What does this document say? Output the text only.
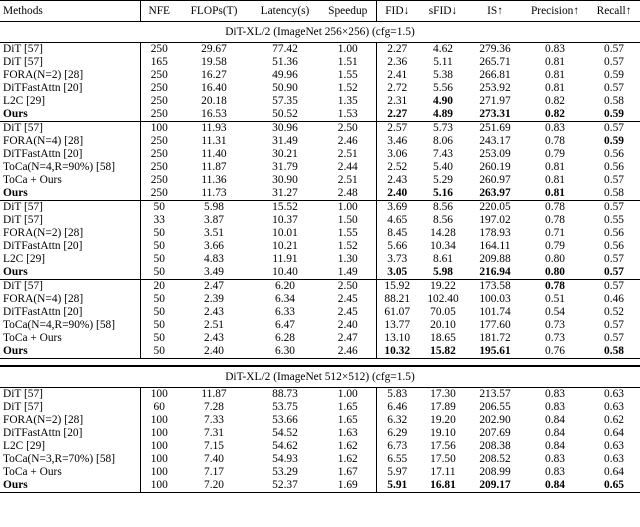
Methods	NFE	FLOPs(T)	Latency(s)	Speedup	FID↓	sFID↓	IS↑	Precision↑	Recall↑
DiT-XL/2 (ImageNet 256×256) (cfg=1.5)									
DiT [57]	250	29.67	77.42	1.00	2.27	4.62	279.36	0.83	0.57
DiT [57]	165	19.58	51.36	1.51	2.36	5.11	265.71	0.81	0.57
FORA(N=2) [28]	250	16.27	49.96	1.55	2.41	5.38	266.81	0.81	0.59
DiTFastAttn [20]	250	16.40	50.90	1.52	2.72	5.56	253.92	0.81	0.57
L2C [29]	250	20.18	57.35	1.35	2.31	4.90	271.97	0.82	0.58
Ours	250	16.53	50.52	1.53	2.27	4.89	273.31	0.82	0.59
DiT [57]	100	11.93	30.96	2.50	2.57	5.73	251.69	0.83	0.57
FORA(N=4) [28]	250	11.31	31.49	2.46	3.46	8.06	243.17	0.78	0.59
DiTFastAttn [20]	250	11.40	30.21	2.51	3.06	7.43	253.09	0.79	0.56
ToCa(N=4,R=90%) [58]	250	11.87	31.79	2.44	2.52	5.40	260.19	0.81	0.56
ToCa + Ours	250	11.36	30.90	2.51	2.43	5.29	260.97	0.81	0.57
Ours	250	11.73	31.27	2.48	2.40	5.16	263.97	0.81	0.58
DiT [57]	50	5.98	15.52	1.00	3.69	8.56	220.05	0.78	0.57
DiT [57]	33	3.87	10.37	1.50	4.65	8.56	197.02	0.78	0.55
FORA(N=2) [28]	50	3.51	10.01	1.55	8.45	14.28	178.93	0.71	0.56
DiTFastAttn [20]	50	3.66	10.21	1.52	5.66	10.34	164.11	0.79	0.56
L2C [29]	50	4.83	11.91	1.30	3.73	8.61	209.88	0.80	0.57
Ours	50	3.49	10.40	1.49	3.05	5.98	216.94	0.80	0.57
DiT [57]	20	2.47	6.20	2.50	15.92	19.22	173.58	0.78	0.57
FORA(N=4) [28]	50	2.39	6.34	2.45	88.21	102.40	100.03	0.51	0.46
DiTFastAttn [20]	50	2.43	6.33	2.45	61.07	70.05	101.74	0.54	0.52
ToCa(N=4,R=90%) [58]	50	2.51	6.47	2.40	13.77	20.10	177.60	0.73	0.57
ToCa + Ours	50	2.43	6.28	2.47	13.10	18.65	181.72	0.73	0.57
Ours	50	2.40	6.30	2.46	10.32	15.82	195.61	0.76	0.58

DiT-XL/2 (ImageNet 512×512) (cfg=1.5)									
DiT [57]	100	11.87	88.73	1.00	5.83	17.30	213.57	0.83	0.63
DiT [57]	60	7.28	53.75	1.65	6.46	17.89	206.55	0.83	0.63
FORA(N=2) [28]	100	7.33	53.66	1.65	6.32	19.20	202.90	0.84	0.62
DiTFastAttn [20]	100	7.31	54.52	1.63	6.29	19.10	207.69	0.84	0.64
L2C [29]	100	7.15	54.62	1.62	6.73	17.56	208.38	0.84	0.63
ToCa(N=3,R=70%) [58]	100	7.40	54.93	1.62	6.55	17.50	208.52	0.83	0.63
ToCa + Ours	100	7.17	53.29	1.67	5.97	17.11	208.99	0.83	0.64
Ours	100	7.20	52.37	1.69	5.91	16.81	209.17	0.84	0.65
